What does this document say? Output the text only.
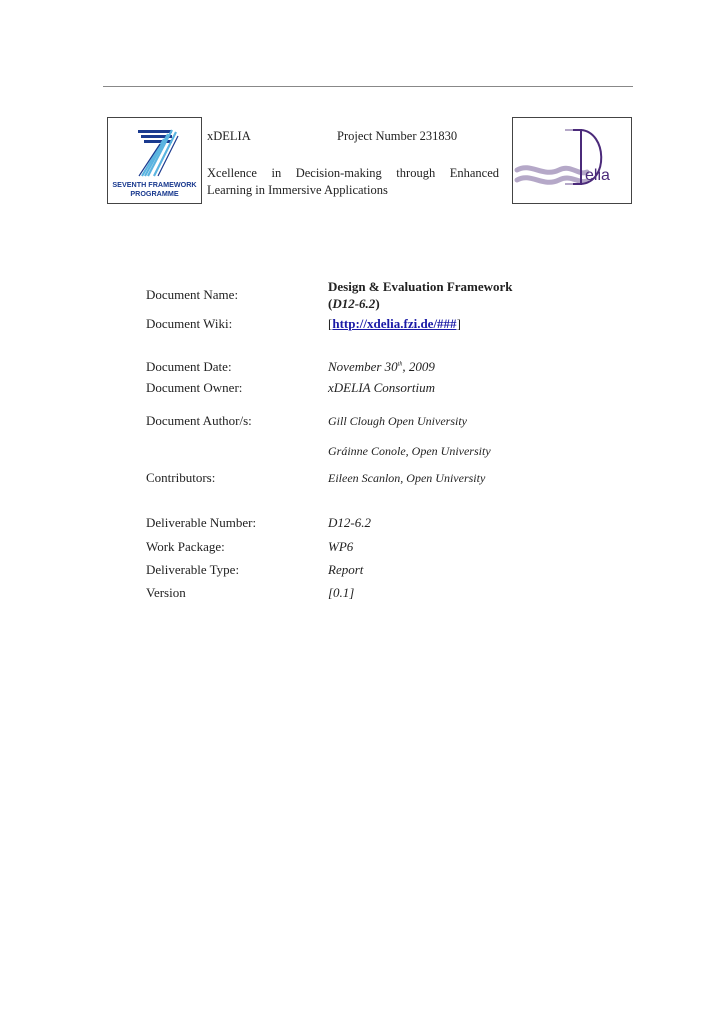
SEVENTH FRAMEWORK
PROGRAMME
xDELIA	Project Number 231830
Xcellence in Decision-making through Enhanced Learning in Immersive Applications
elia
Document Name:
Design & Evaluation Framework
(D12-6.2)
Document Wiki:	[http://xdelia.fzi.de/###]
Document Date:	November 30th, 2009
Document Owner:	xDELIA Consortium
Document Author/s:	Gill Clough Open University
Gráinne Conole, Open University
Contributors:	Eileen Scanlon, Open University
Deliverable Number:	D12-6.2
Work Package:	WP6
Deliverable Type:	Report
Version	[0.1]
